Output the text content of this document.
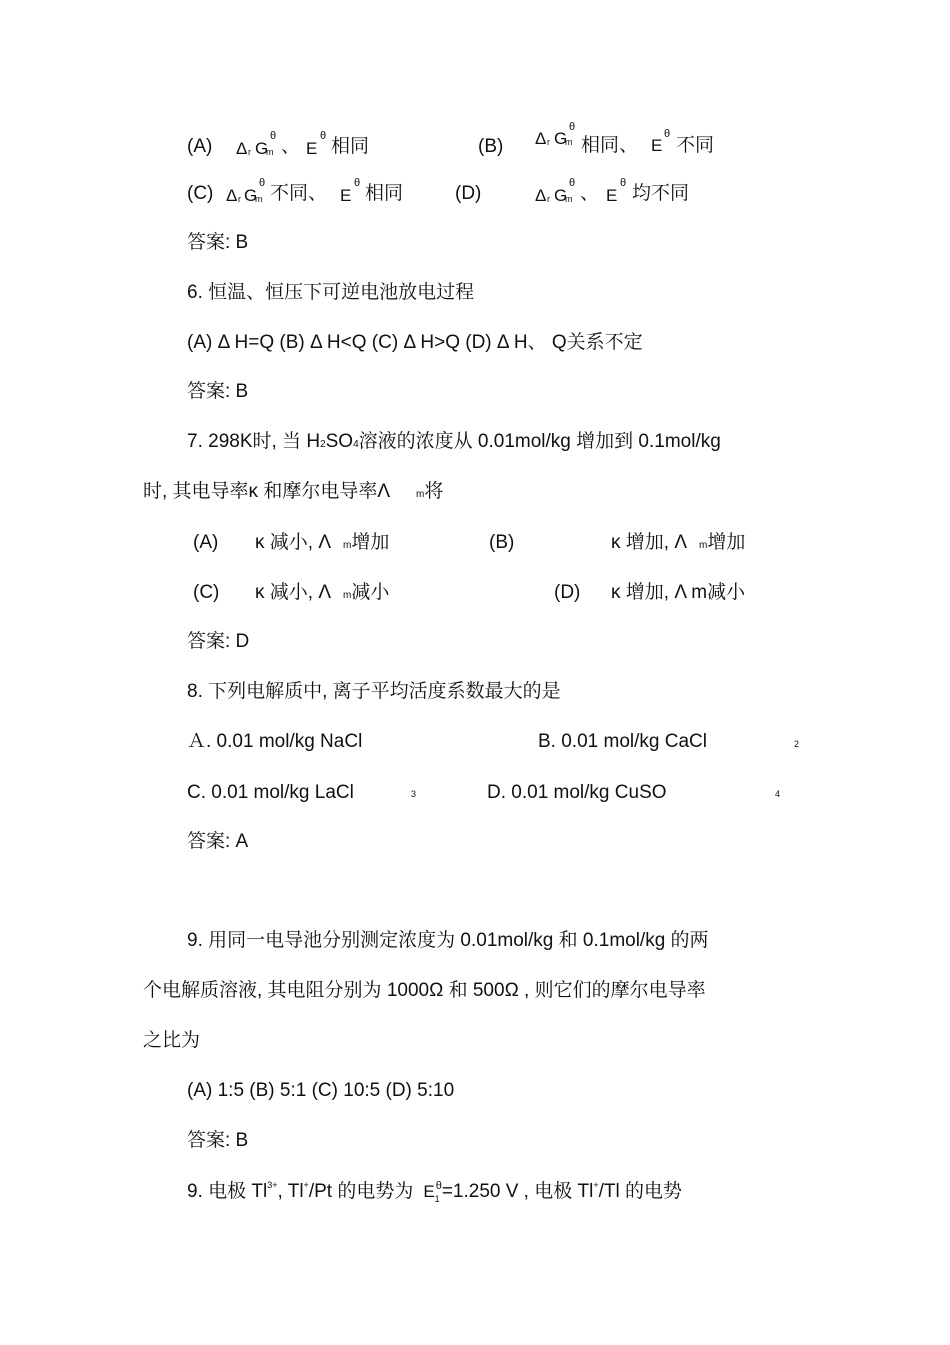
(A) Δ r G
m
θ 、 E
θ 相同	(B) Δ r G
m
θ
相同、 E
θ
不同
(C) Δ r G
m
θ 不同、 E
θ 相同	(D)	Δ r G
m
θ 、 E
θ 均不同
答案: B
6. 恒温、恒压下可逆电池放电过程
(A) Δ H=Q (B) Δ H<Q (C) Δ H>Q (D) Δ H、 Q关系不定
答案: B
7. 298K时, 当 H2SO4溶液的浓度从 0.01mol/kg 增加到 0.1mol/kg
时, 其电导率κ 和摩尔电导率Λ	m将
(A) κ 减小, Λ m增加	(B)	κ 增加, Λ m增加
(C) κ 减小, Λ m减小	(D) κ 增加, Λ m减小
答案: D
8. 下列电解质中, 离子平均活度系数最大的是
Ａ. 0.01 mol/kg NaCl	B. 0.01 mol/kg CaCl	2
C. 0.01 mol/kg LaCl	3	D. 0.01 mol/kg CuSO	4
答案: A
9. 用同一电导池分别测定浓度为 0.01mol/kg 和 0.1mol/kg 的两
个电解质溶液, 其电阻分别为 1000Ω 和 500Ω , 则它们的摩尔电导率
之比为
(A) 1:5 (B) 5:1 (C) 10:5 (D) 5:10
答案: B
9. 电极 $Tl^{3+}$, Tl+/Pt 的电势为 $E_1^\theta=1.250$ V , 电极 Tl+/Tl 的电势
